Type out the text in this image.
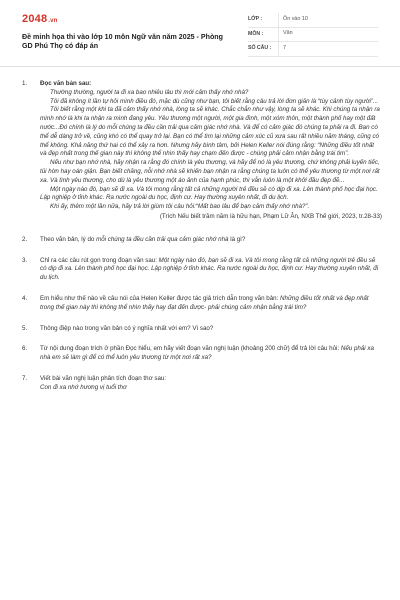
2048.vn
Đề minh họa thi vào lớp 10 môn Ngữ văn năm 2025 - Phòng GD Phú Thọ có đáp án
LỚP :	Ôn vào 10
MÔN :	Văn
SỐ CÂU :	7
1.	Đọc văn bản sau:
Thường thường, người ta đi xa bao nhiêu lâu thì mới cảm thấy nhớ nhà?
Tôi đã không ít lần tự hỏi mình điều đó, mặc dù cũng như bạn, tôi biết rằng câu trả lời đơn giản là “tùy cảnh tùy người”...
Tôi biết rằng một khi ta đã cảm thấy nhớ nhà, lòng ta sẽ khác. Chắc chắn như vậy, lòng ta sẽ khác. Khi chúng ta nhận ra mình nhớ là khi ta nhận ra mình đang yêu. Yêu thương một người, một gia đình, một xóm thôn, một thành phố hay một đất nước...Đó chính là lý do mỗi chúng ta đều cần trải qua cảm giác nhớ nhà. Và để có cảm giác đó chúng ta phải ra đi. Bạn có thể dễ dàng trở về, cũng khó có thể quay trở lại. Bạn có thể tìm lại những cảm xúc cũ xưa sau rất nhiều năm tháng, cũng có thể không. Khả năng thứ hai có thể xảy ra hơn. Nhưng hãy bình tâm, bởi Helen Keller nói đúng rằng: “Những điều tốt nhất và đẹp nhất trong thế gian này thì không thể nhìn thấy hay chạm đến được - chúng phải cảm nhận bằng trái tim”.
Nếu như bạn nhớ nhà, hãy nhận ra rằng đó chính là yêu thương, và hãy để nó là yêu thương, chứ không phải luyến tiếc, tủi hờn hay oán giận. Bạn biết chăng, nỗi nhớ nhà sẽ khiến bạn nhận ra rằng chúng ta luôn có thể yêu thương từ một nơi rất xa. Và tình yêu thương, cho dù là yêu thương một áo ảnh của hạnh phúc, thì vẫn luôn là một khởi đầu đẹp đẽ...
Một ngày nào đó, bạn sẽ đi xa. Và tôi mong rằng tất cả những người trẻ đều sẽ có dịp đi xa. Lên thành phố học đại học. Lập nghiệp ở tỉnh khác. Ra nước ngoài du học, định cư. Hay thường xuyên nhất, đi du lịch.
Khi ấy, thêm một lần nữa, hãy trả lời giùm tôi câu hỏi:“Mất bao lâu để bạn cảm thấy nhớ nhà?”.
(Trích Nếu biết trăm năm là hữu hạn, Phạm Lữ Ân, NXB Thế giới, 2023, tr.28-33)
2.	Theo văn bản, lý do mỗi chúng ta đều cần trải qua cảm giác nhớ nhà là gì?
3.	Chỉ ra các câu rút gọn trong đoạn văn sau: Một ngày nào đó, bạn sẽ đi xa. Và tôi mong rằng tất cả những người trẻ đều sẽ có dịp đi xa. Lên thành phố học đại học. Lập nghiệp ở tỉnh khác. Ra nước ngoài du học, định cư. Hay thường xuyên nhất, đi du lịch.
4.	Em hiểu như thế nào về câu nói của Helen Keller được tác giả trích dẫn trong văn bản: Những điều tốt nhất và đẹp nhất trong thế gian này thì không thể nhìn thấy hay đạt đến được- phải chúng cảm nhận bằng trái tim?
5.	Thông điệp nào trong văn bản có ý nghĩa nhất với em? Vì sao?
6.	Từ nội dung đoạn trích ở phần Đọc hiểu, em hãy viết đoạn văn nghị luận (khoảng 200 chữ) để trả lời câu hỏi: Nếu phải xa nhà em sẽ làm gì để có thể luôn yêu thương từ một nơi rất xa?
7.	Viết bài văn nghị luận phân tích đoạn thơ sau:
Con đi xa nhớ hương vị tuổi thơ
